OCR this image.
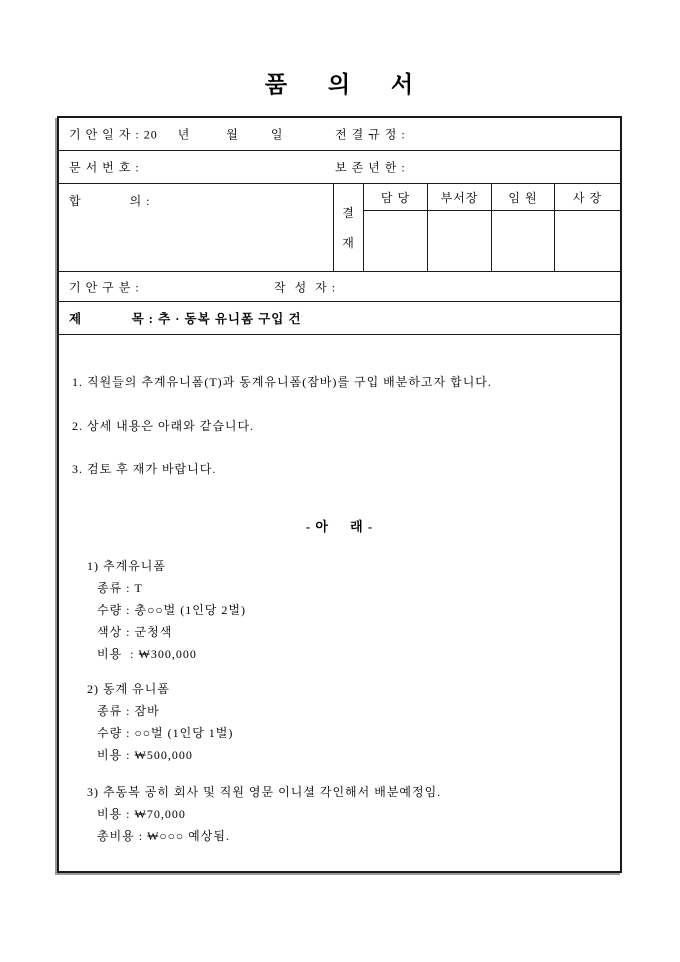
품     의     서
기 안 일 자 : 20     년         월        일	전 결 규 정 :
문 서 번 호 :	보 존 년 한 :
합            의 :
결
재
담 당	부서장	임 원	사 장
기 안 구 분 :	작  성  자 :
제            목 : 추 · 동복 유니폼 구입 건
1. 직원들의 추계유니폼(T)과 동계유니폼(잠바)를 구입 배분하고자 합니다.
2. 상세 내용은 아래와 같습니다.
3. 검토 후 재가 바랍니다.
- 아     래 -
1) 추계유니폼
종류 : T
수량 : 총○○벌 (1인당 2벌)
색상 : 군청색
비용  : ₩300,000
2) 동계 유니폼
종류 : 잠바
수량 : ○○벌 (1인당 1벌)
비용 : ₩500,000
3) 추동복 공히 회사 및 직원 영문 이니셜 각인해서 배분예정임.
비용 : ₩70,000
총비용 : ₩○○○ 예상됨.
